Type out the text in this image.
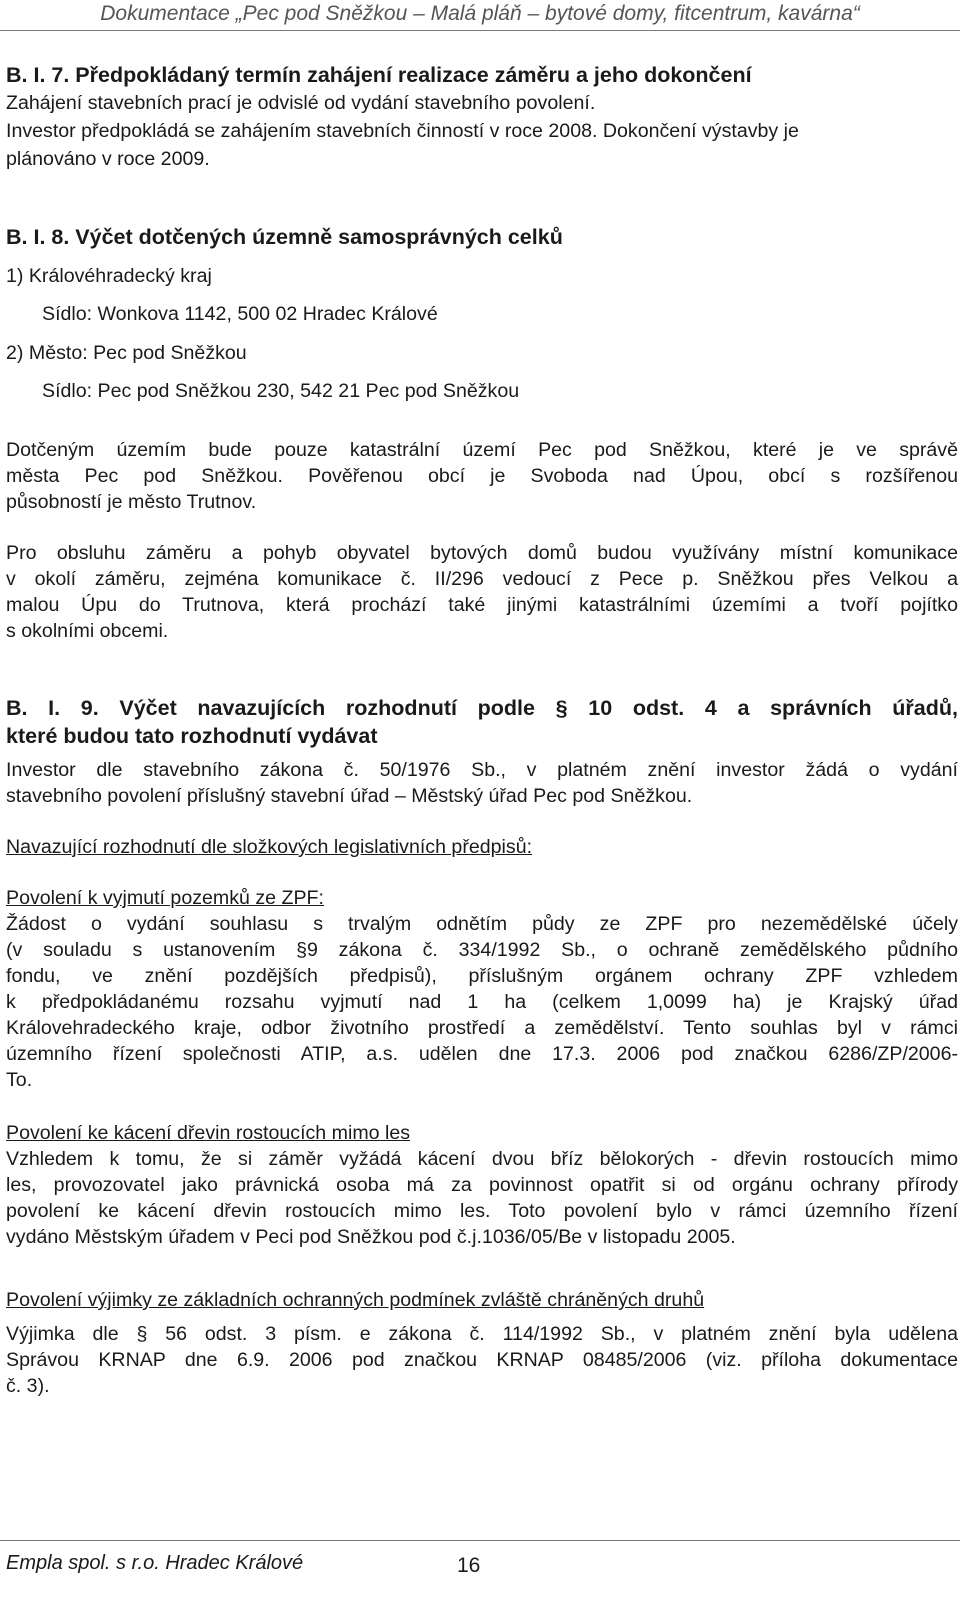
Dokumentace „Pec pod Sněžkou – Malá pláň – bytové domy, fitcentrum, kavárna“
B. I. 7. Předpokládaný termín zahájení realizace záměru a jeho dokončení
Zahájení stavebních prací je odvislé od vydání stavebního povolení.
Investor předpokládá se zahájením stavebních činností v roce 2008. Dokončení výstavby je
plánováno v roce 2009.
B. I. 8. Výčet dotčených územně samosprávných celků
1) Královéhradecký kraj
Sídlo: Wonkova 1142, 500 02 Hradec Králové
2) Město: Pec pod Sněžkou
Sídlo: Pec pod Sněžkou 230, 542 21 Pec pod Sněžkou
Dotčeným územím bude pouze katastrální území Pec pod Sněžkou, které je ve správě
města Pec pod Sněžkou. Pověřenou obcí je Svoboda nad Úpou, obcí s rozšířenou
působností je město Trutnov.
Pro obsluhu záměru a pohyb obyvatel bytových domů budou využívány místní komunikace
v okolí záměru, zejména komunikace č. II/296 vedoucí z Pece p. Sněžkou přes Velkou a
malou Úpu do Trutnova, která prochází také jinými katastrálními územími a tvoří pojítko
s okolními obcemi.
B. I. 9. Výčet navazujících rozhodnutí podle § 10 odst. 4 a správních úřadů,
které budou tato rozhodnutí vydávat
Investor dle stavebního zákona č. 50/1976 Sb., v platném znění investor žádá o vydání
stavebního povolení příslušný stavební úřad – Městský úřad Pec pod Sněžkou.
Navazující rozhodnutí dle složkových legislativních předpisů:
Povolení k vyjmutí pozemků ze ZPF:
Žádost o vydání souhlasu s trvalým odnětím půdy ze ZPF pro nezemědělské účely
(v souladu s ustanovením §9 zákona č. 334/1992 Sb., o ochraně zemědělského půdního
fondu, ve znění pozdějších předpisů), příslušným orgánem ochrany ZPF vzhledem
k předpokládanému rozsahu vyjmutí nad 1 ha (celkem 1,0099 ha) je Krajský úřad
Královehradeckého kraje, odbor životního prostředí a zemědělství. Tento souhlas byl v rámci
územního řízení společnosti ATIP, a.s. udělen dne 17.3. 2006 pod značkou 6286/ZP/2006-
To.
Povolení ke kácení dřevin rostoucích mimo les
Vzhledem k tomu, že si záměr vyžádá kácení dvou bříz bělokorých - dřevin rostoucích mimo
les, provozovatel jako právnická osoba má za povinnost opatřit si od orgánu ochrany přírody
povolení ke kácení dřevin rostoucích mimo les. Toto povolení bylo v rámci územního řízení
vydáno Městským úřadem v Peci pod Sněžkou pod č.j.1036/05/Be v listopadu 2005.
Povolení výjimky ze základních ochranných podmínek zvláště chráněných druhů
Výjimka dle § 56 odst. 3 písm. e zákona č. 114/1992 Sb., v platném znění byla udělena
Správou KRNAP dne 6.9. 2006 pod značkou KRNAP 08485/2006 (viz. příloha dokumentace
č. 3).
Empla spol. s r.o. Hradec Králové	16
